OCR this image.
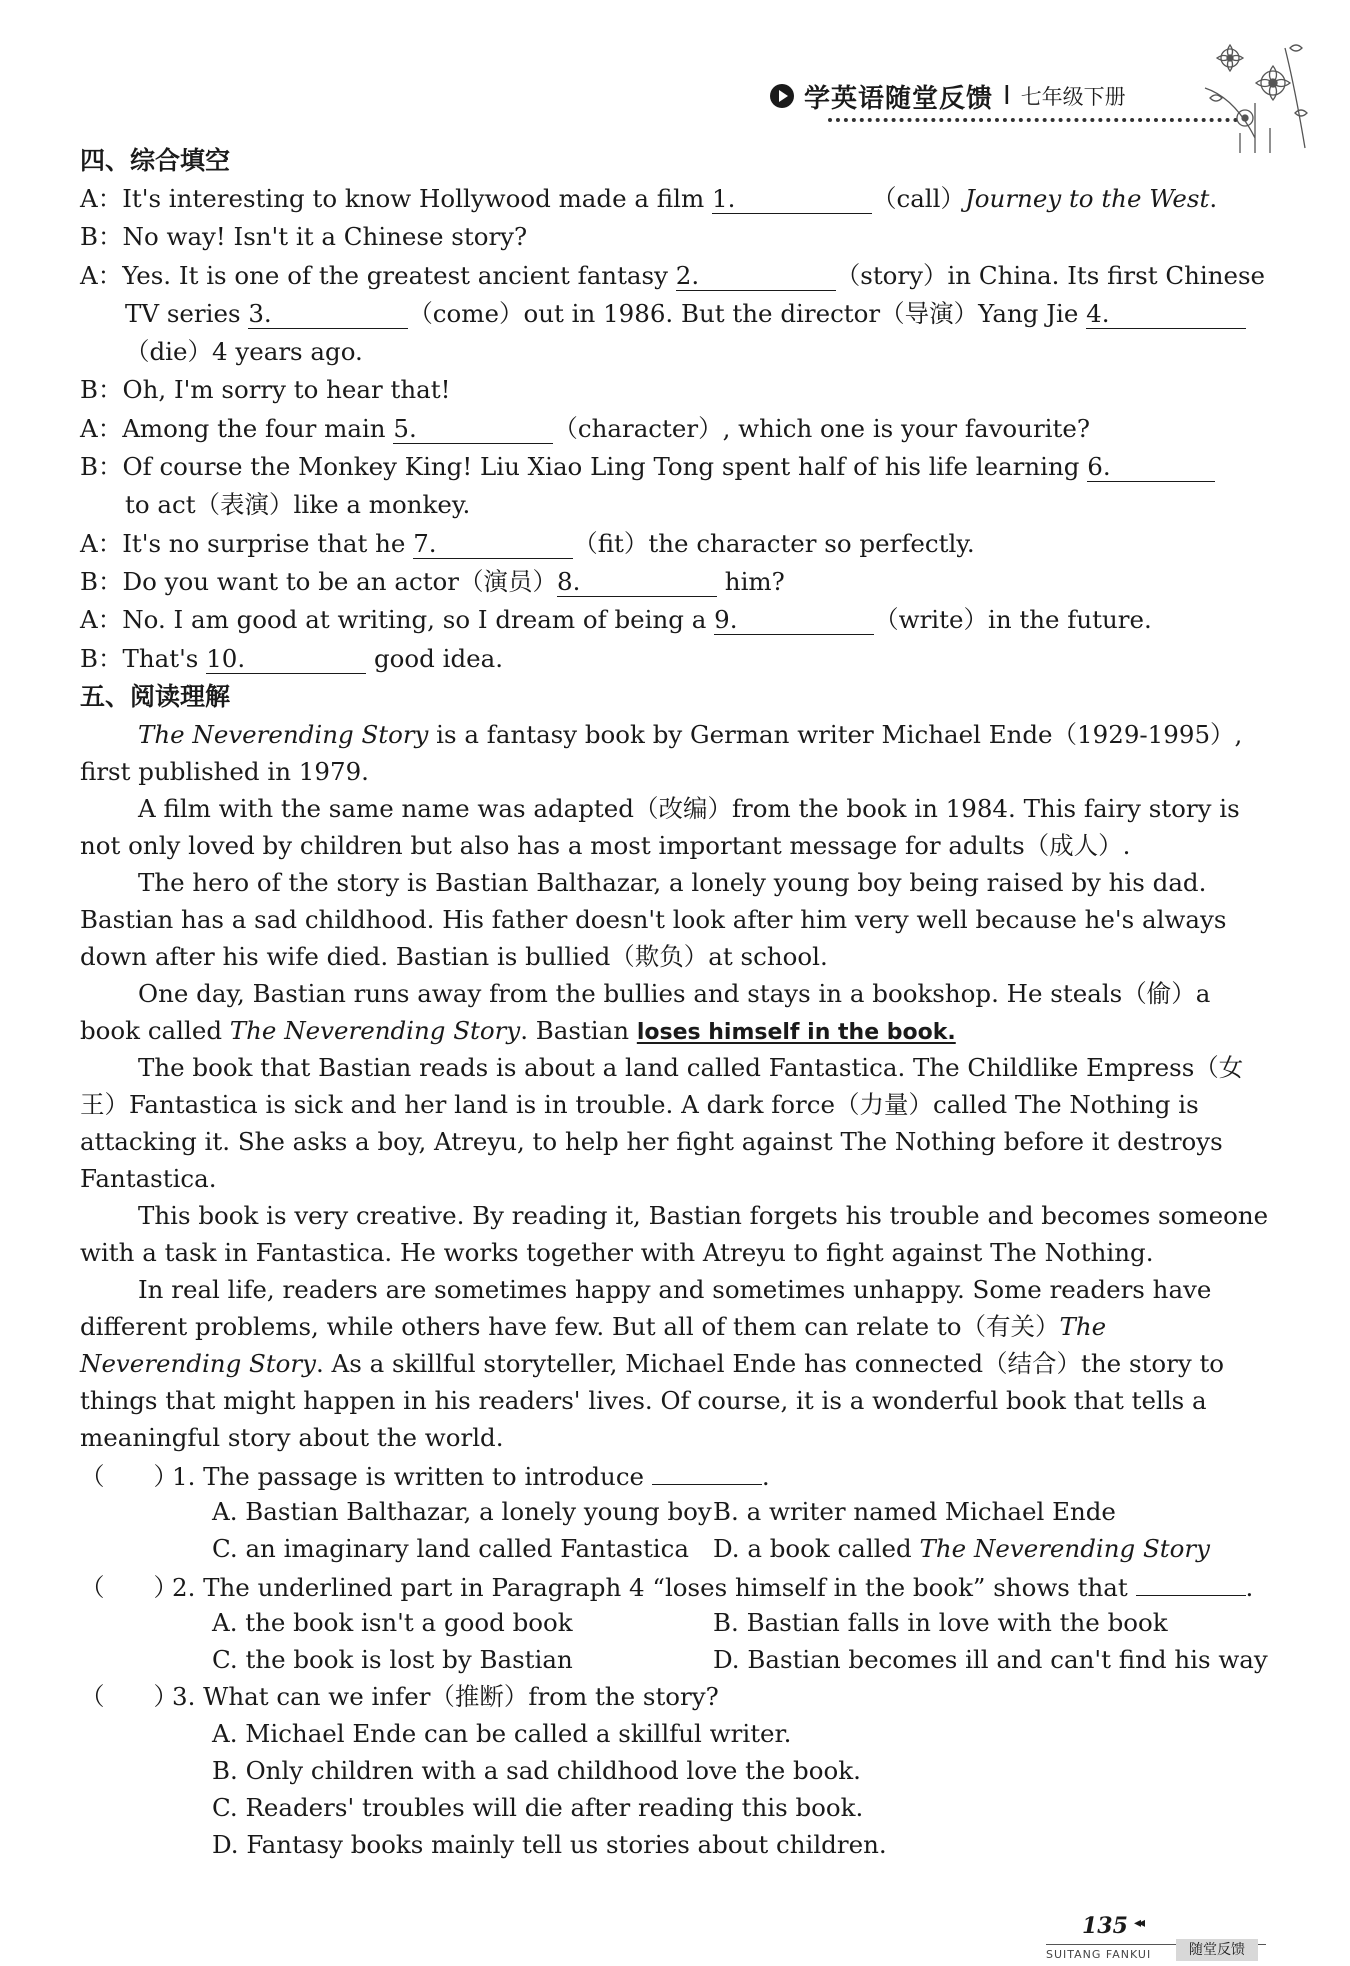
学英语随堂反馈 I 七年级下册
四、综合填空
A：It's interesting to know Hollywood made a film 1.	（call）Journey to the West.
B：No way! Isn't it a Chinese story?
A：Yes. It is one of the greatest ancient fantasy 2.	（story）in China. Its first Chinese
TV series 3.	（come）out in 1986. But the director（导演）Yang Jie 4.
（die）4 years ago.
B：Oh, I'm sorry to hear that!
A：Among the four main 5.	（character）, which one is your favourite?
B：Of course the Monkey King! Liu Xiao Ling Tong spent half of his life learning 6.
to act（表演）like a monkey.
A：It's no surprise that he 7.	（fit）the character so perfectly.
B：Do you want to be an actor（演员）8.	him?
A：No. I am good at writing, so I dream of being a 9.	（write）in the future.
B：That's 10.	good idea.
五、阅读理解
The Neverending Story is a fantasy book by German writer Michael Ende（1929-1995）,
first published in 1979.
A film with the same name was adapted（改编）from the book in 1984. This fairy story is
not only loved by children but also has a most important message for adults（成人）.
The hero of the story is Bastian Balthazar, a lonely young boy being raised by his dad.
Bastian has a sad childhood. His father doesn't look after him very well because he's always
down after his wife died. Bastian is bullied（欺负）at school.
One day, Bastian runs away from the bullies and stays in a bookshop. He steals（偷）a
book called The Neverending Story. Bastian loses himself in the book.
The book that Bastian reads is about a land called Fantastica. The Childlike Empress（女
王）Fantastica is sick and her land is in trouble. A dark force（力量）called The Nothing is
attacking it. She asks a boy, Atreyu, to help her fight against The Nothing before it destroys
Fantastica.
This book is very creative. By reading it, Bastian forgets his trouble and becomes someone
with a task in Fantastica. He works together with Atreyu to fight against The Nothing.
In real life, readers are sometimes happy and sometimes unhappy. Some readers have
different problems, while others have few. But all of them can relate to（有关）The
Neverending Story. As a skillful storyteller, Michael Ende has connected（结合）the story to
things that might happen in his readers' lives. Of course, it is a wonderful book that tells a
meaningful story about the world.
（　　）1. The passage is written to introduce	.
A. Bastian Balthazar, a lonely young boy B. a writer named Michael Ende
C. an imaginary land called Fantastica D. a book called The Neverending Story
（　　）2. The underlined part in Paragraph 4 “loses himself in the book” shows that	.
A. the book isn't a good book	B. Bastian falls in love with the book
C. the book is lost by Bastian	D. Bastian becomes ill and can't find his way
（　　）3. What can we infer（推断）from the story?
A. Michael Ende can be called a skillful writer.
B. Only children with a sad childhood love the book.
C. Readers' troubles will die after reading this book.
D. Fantasy books mainly tell us stories about children.
135 ◂◂
SUITANG FANKUI	随堂反馈
